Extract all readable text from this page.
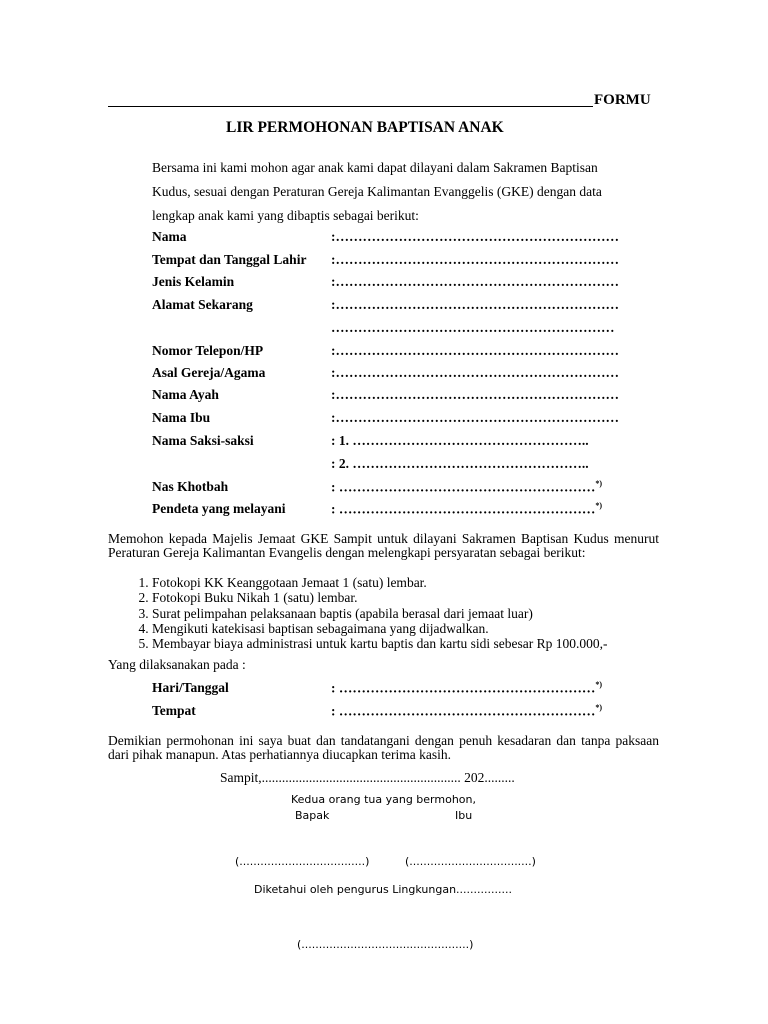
FORMU
LIR PERMOHONAN BAPTISAN ANAK
Bersama ini kami mohon agar anak kami dapat dilayani dalam Sakramen Baptisan
Kudus, sesuai dengan Peraturan Gereja Kalimantan Evanggelis (GKE) dengan data
lengkap anak kami yang dibaptis sebagai berikut:
Nama	:………………………………………………………
Tempat dan Tanggal Lahir :………………………………………………………
Jenis Kelamin	:………………………………………………………
Alamat Sekarang	:………………………………………………………
………………………………………………………
Nomor Telepon/HP	:………………………………………………………
Asal Gereja/Agama	:………………………………………………………
Nama Ayah	:………………………………………………………
Nama Ibu	:………………………………………………………
Nama Saksi-saksi	: 1. ……………………………………………..
: 2. ……………………………………………..
Nas Khotbah	: …………………………………………………*)
Pendeta yang melayani	: …………………………………………………*)
Memohon kepada Majelis Jemaat GKE Sampit untuk dilayani Sakramen Baptisan Kudus menurut Peraturan Gereja Kalimantan Evangelis dengan melengkapi persyaratan sebagai berikut:
1. Fotokopi KK Keanggotaan Jemaat 1 (satu) lembar.
2. Fotokopi Buku Nikah 1 (satu) lembar.
3. Surat pelimpahan pelaksanaan baptis (apabila berasal dari jemaat luar)
4. Mengikuti katekisasi baptisan sebagaimana yang dijadwalkan.
5. Membayar biaya administrasi untuk kartu baptis dan kartu sidi sebesar Rp 100.000,-
Yang dilaksanakan pada :
Hari/Tanggal	: …………………………………………………*)
Tempat	: …………………………………………………*)
Demikian permohonan ini saya buat dan tandatangani dengan penuh kesadaran dan tanpa paksaan dari pihak manapun. Atas perhatiannya diucapkan terima kasih.
Sampit,........................................................... 202.........
Kedua orang tua yang bermohon,
Bapak	Ibu
(....................................)	(...................................)
Diketahui oleh pengurus Lingkungan................
(................................................)
